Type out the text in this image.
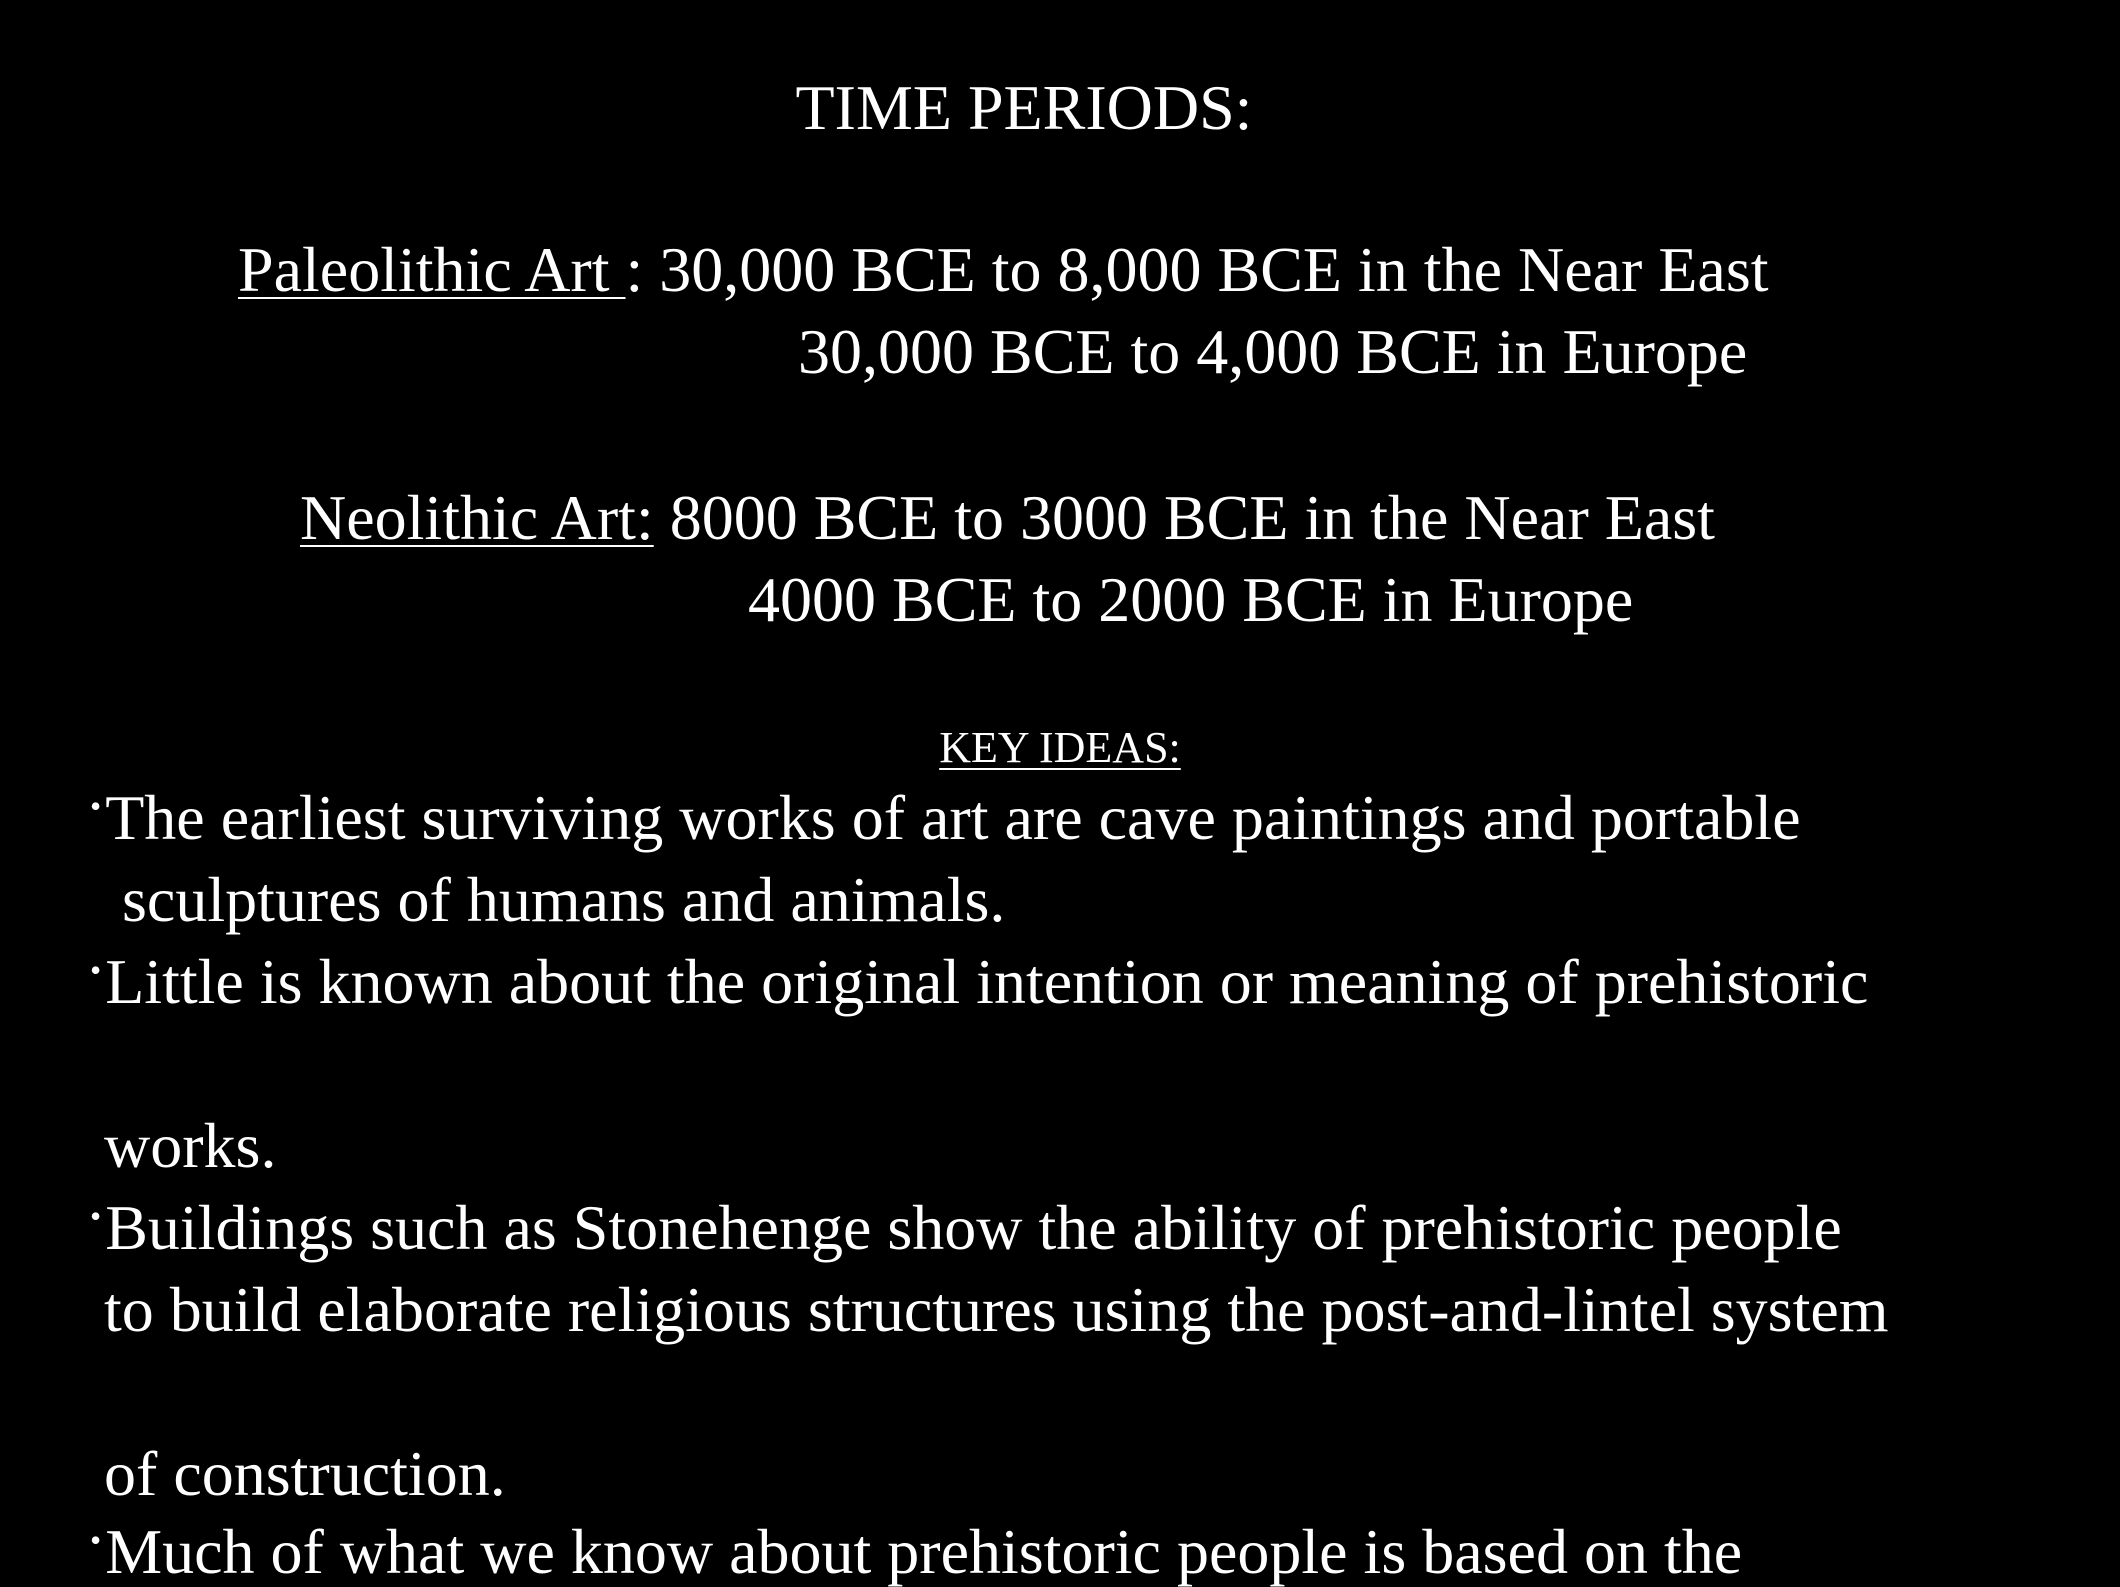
TIME PERIODS:
Paleolithic Art : 30,000 BCE to 8,000 BCE in the Near East
30,000 BCE to 4,000 BCE in Europe
Neolithic Art: 8000 BCE to 3000 BCE in the Near East
4000 BCE to 2000 BCE in Europe
KEY IDEAS:
•The earliest surviving works of art are cave paintings and portable
sculptures of humans and animals.
•Little is known about the original intention or meaning of prehistoric
works.
•Buildings such as Stonehenge show the ability of prehistoric people
to build elaborate religious structures using the post-and-lintel system
of construction.
•Much of what we know about prehistoric people is based on the
